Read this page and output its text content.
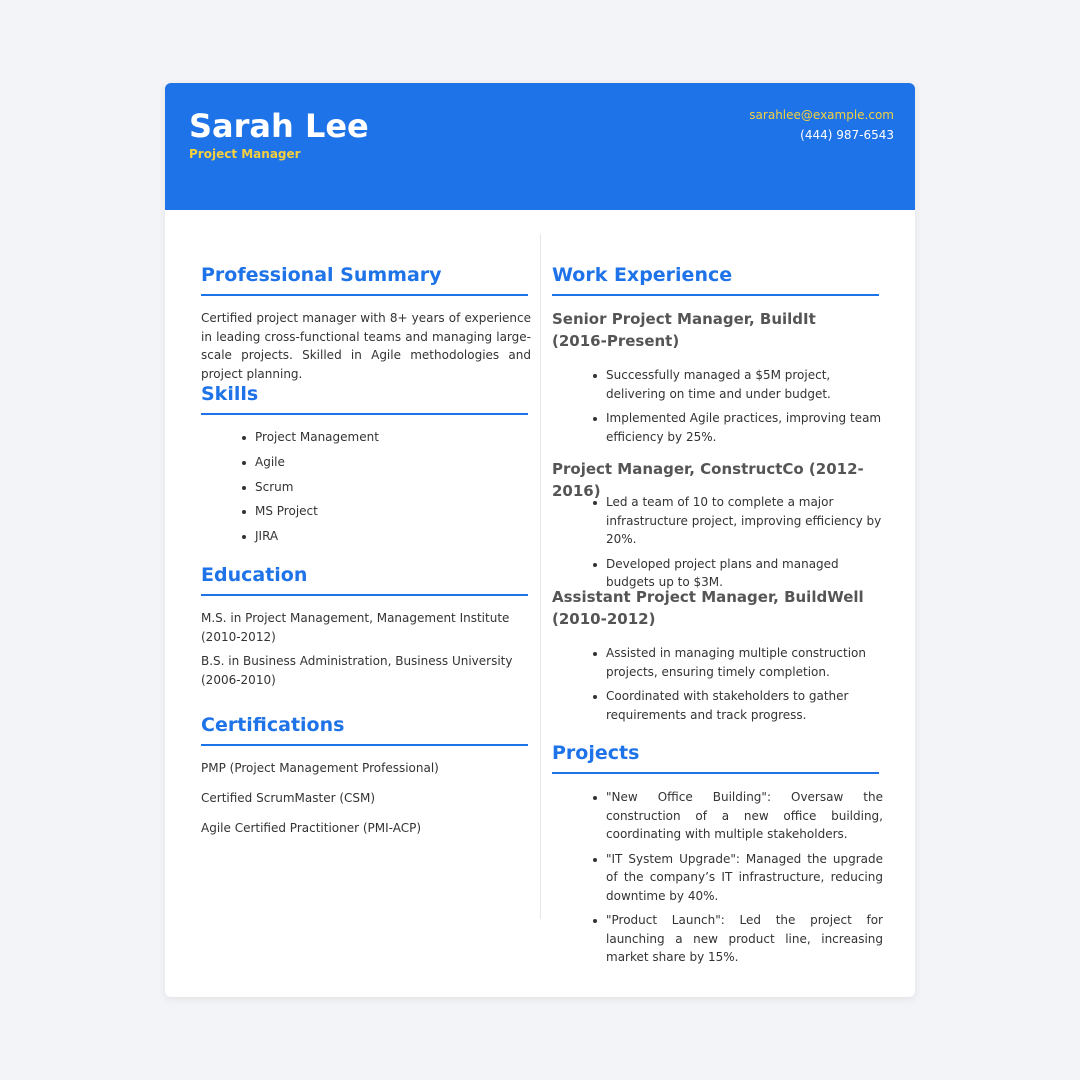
Sarah Lee
Project Manager
sarahlee@example.com
(444) 987-6543
Professional Summary
Certified project manager with 8+ years of experience in leading cross-functional teams and managing large-scale projects. Skilled in Agile methodologies and project planning.
Skills
Project Management
Agile
Scrum
MS Project
JIRA
Education
M.S. in Project Management, Management Institute (2010-2012)
B.S. in Business Administration, Business University (2006-2010)
Certifications
PMP (Project Management Professional)
Certified ScrumMaster (CSM)
Agile Certified Practitioner (PMI-ACP)
Work Experience
Senior Project Manager, BuildIt (2016-Present)
Successfully managed a $5M project, delivering on time and under budget.
Implemented Agile practices, improving team efficiency by 25%.
Project Manager, ConstructCo (2012-2016)
Led a team of 10 to complete a major infrastructure project, improving efficiency by 20%.
Developed project plans and managed budgets up to $3M.
Assistant Project Manager, BuildWell (2010-2012)
Assisted in managing multiple construction projects, ensuring timely completion.
Coordinated with stakeholders to gather requirements and track progress.
Projects
"New Office Building": Oversaw the construction of a new office building, coordinating with multiple stakeholders.
"IT System Upgrade": Managed the upgrade of the company’s IT infrastructure, reducing downtime by 40%.
"Product Launch": Led the project for launching a new product line, increasing market share by 15%.
